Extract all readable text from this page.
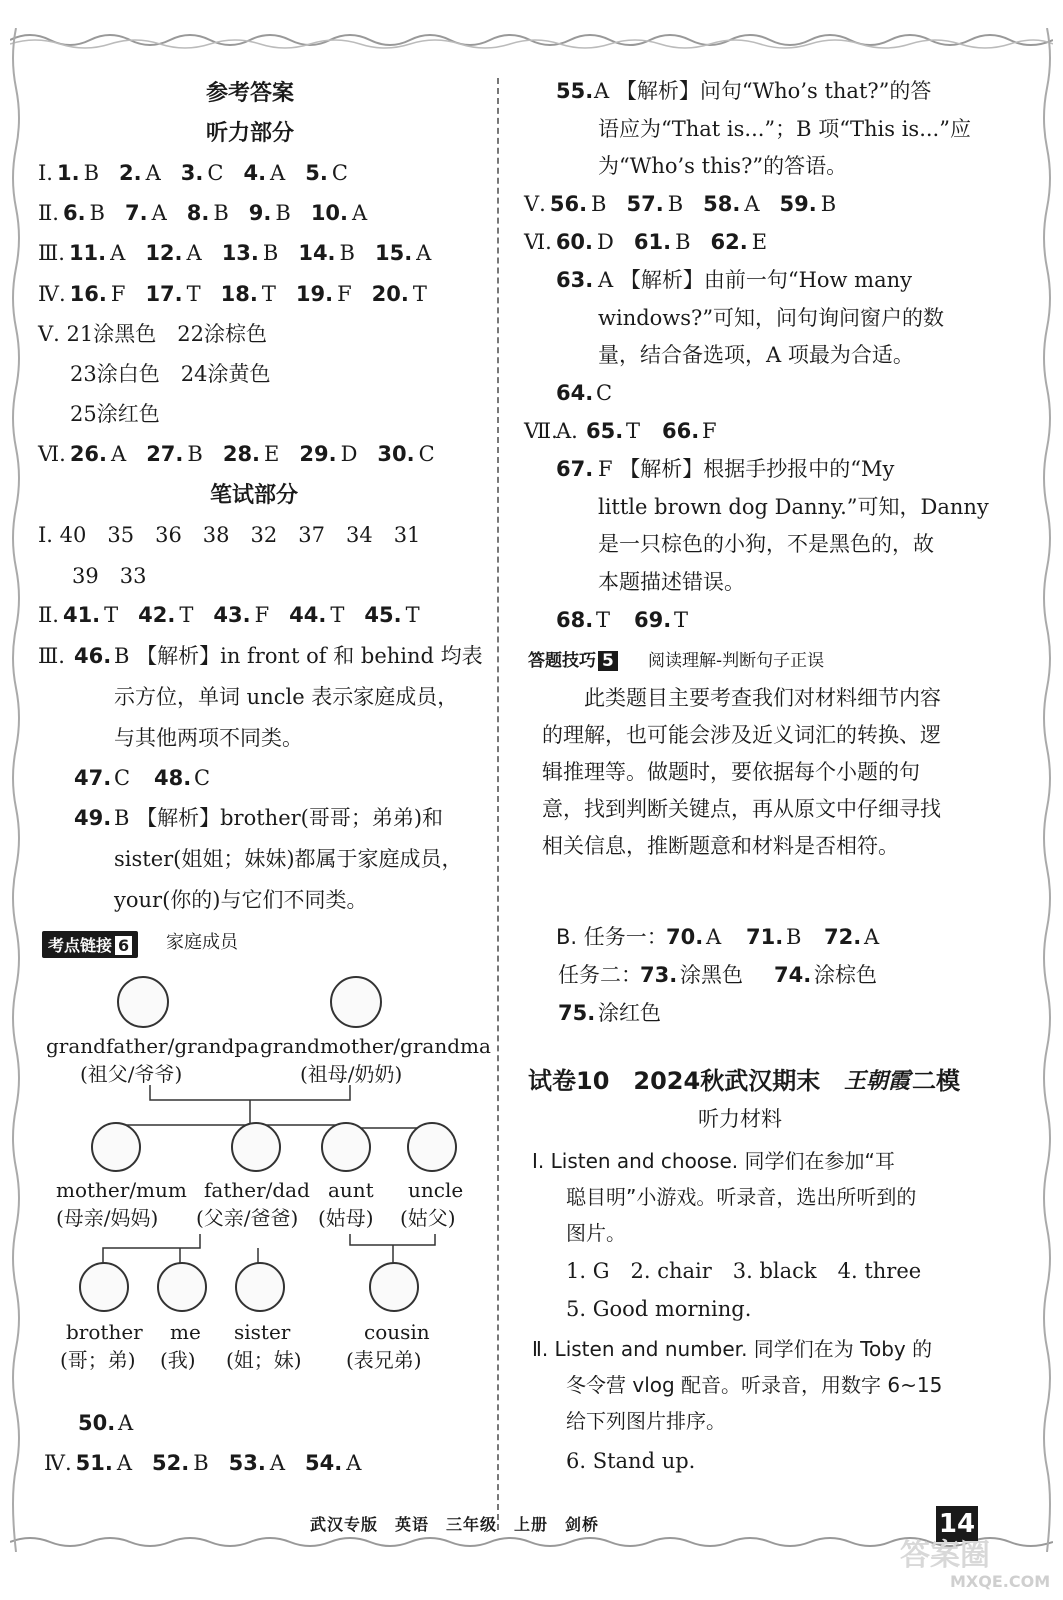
参考答案
听力部分
Ⅰ. 1. B 2. A 3. C 4. A 5. C
Ⅱ. 6. B 7. A 8. B 9. B 10. A
Ⅲ. 11. A 12. A 13. B 14. B 15. A
Ⅳ. 16. F 17. T 18. T 19. F 20. T
Ⅴ. 21涂黑色　22涂棕色
23涂白色　24涂黄色
25涂红色
Ⅵ. 26. A 27. B 28. E 29. D 30. C
笔试部分
Ⅰ. 40　35　36　38　32　37　34　31
39　33
Ⅱ. 41. T 42. T 43. F 44. T 45. T
Ⅲ. 46. B 【解析】in front of 和 behind 均表
示方位，单词 uncle 表示家庭成员，
与其他两项不同类。
47. C 48. C
49. B 【解析】brother(哥哥；弟弟)和
sister(姐姐；妹妹)都属于家庭成员，
your(你的)与它们不同类。
考点链接 6	家庭成员
grandfather/grandpa
(祖父/爷爷)
grandmother/grandma
(祖母/奶奶)
mother/mum
(母亲/妈妈)
father/dad
(父亲/爸爸)
aunt
(姑母)
uncle
(姑父)
brother
(哥；弟)
me
(我)
sister
(姐；妹)
cousin
(表兄弟)
50. A
Ⅳ. 51. A 52. B 53. A 54. A
55. A 【解析】问句“Who’s that?”的答
语应为“That is...”；B 项“This is...”应
为“Who’s this?”的答语。
Ⅴ. 56. B 57. B 58. A 59. B
Ⅵ. 60. D 61. B 62. E
63. A 【解析】由前一句“How many
windows?”可知，问句询问窗户的数
量，结合备选项，A 项最为合适。
64. C
Ⅶ.
A. 65. T 66. F
67. F 【解析】根据手抄报中的“My
little brown dog Danny.”可知，Danny
是一只棕色的小狗，不是黑色的，故
本题描述错误。
68. T 69. T
答题技巧 5 阅读理解-判断句子正误
此类题目主要考查我们对材料细节内容的理解，也可能会涉及近义词汇的转换、逻辑推理等。做题时，要依据每个小题的句意，找到判断关键点，再从原文中仔细寻找相关信息，推断题意和材料是否相符。
B. 任务一：
70. A 71. B 72. A
任务二：
73. 涂黑色 74. 涂棕色
75. 涂红色
试卷10　2024秋武汉期末 王朝霞 二模
听力材料
Ⅰ. Listen and choose. 同学们在参加“耳
聪目明”小游戏。听录音，选出所听到的
图片。
1. G　2. chair　3. black　4. three
5. Good morning.
Ⅱ. Listen and number. 同学们在为 Toby 的
冬令营 vlog 配音。听录音，用数字 6~15
给下列图片排序。
6. Stand up.
武汉专版　英语　三年级　上册　剑桥	14
答案圈
MXQE.COM
